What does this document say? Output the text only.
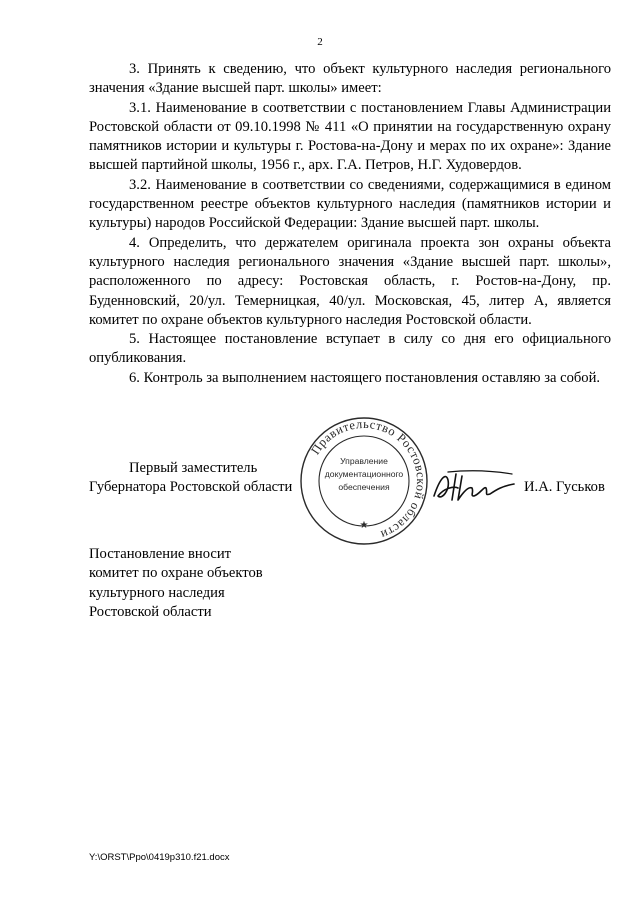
2

3. Принять к сведению, что объект культурного наследия регионального значения «Здание высшей парт. школы» имеет:

3.1. Наименование в соответствии с постановлением Главы Администрации Ростовской области от 09.10.1998 № 411 «О принятии на государственную охрану памятников истории и культуры г. Ростова-на-Дону и мерах по их охране»: Здание высшей партийной школы, 1956 г., арх. Г.А. Петров, Н.Г. Худовердов.

3.2. Наименование в соответствии со сведениями, содержащимися в едином государственном реестре объектов культурного наследия (памятников истории и культуры) народов Российской Федерации: Здание высшей парт. школы.

4. Определить, что держателем оригинала проекта зон охраны объекта культурного наследия регионального значения «Здание высшей парт. школы», расположенного по адресу: Ростовская область, г. Ростов-на-Дону, пр. Буденновский, 20/ул. Темерницкая, 40/ул. Московская, 45, литер А, является комитет по охране объектов культурного наследия Ростовской области.

5. Настоящее постановление вступает в силу со дня его официального опубликования.

6. Контроль за выполнением настоящего постановления оставляю за собой.

Первый заместитель
Губернатора Ростовской области
Правительство Ростовской области
Управление
документационного
обеспечения
★
И.А. Гуськов
Постановление вносит
комитет по охране объектов
культурного наследия
Ростовской области
Y:\ORST\Ppo\0419p310.f21.docx
